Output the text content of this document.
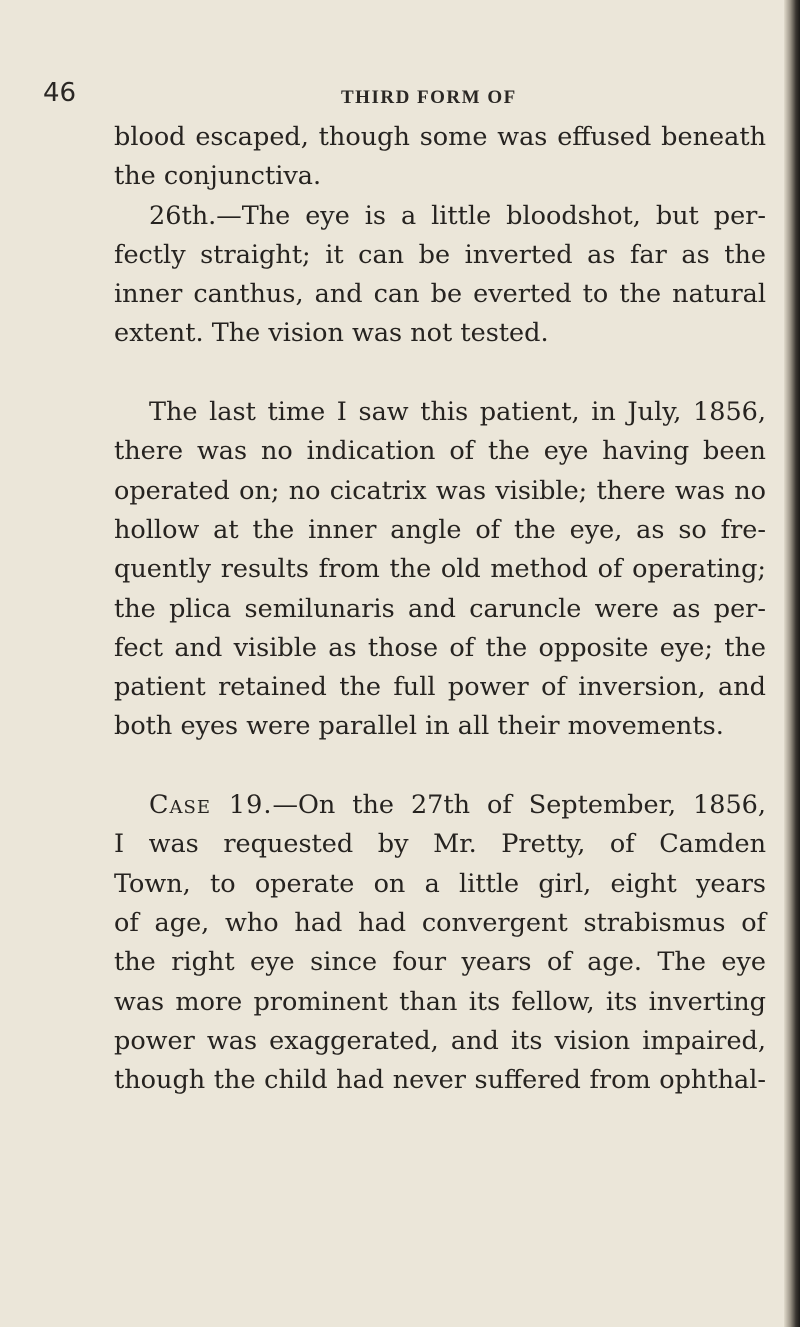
46	THIRD FORM OF
blood escaped, though some was effused beneath
the conjunctiva.
26th.—The eye is a little bloodshot, but per-
fectly straight; it can be inverted as far as the
inner canthus, and can be everted to the natural
extent. The vision was not tested.
The last time I saw this patient, in July, 1856,
there was no indication of the eye having been
operated on; no cicatrix was visible; there was no
hollow at the inner angle of the eye, as so fre-
quently results from the old method of operating;
the plica semilunaris and caruncle were as per-
fect and visible as those of the opposite eye; the
patient retained the full power of inversion, and
both eyes were parallel in all their movements.
Case 19.—On the 27th of September, 1856,
I was requested by Mr. Pretty, of Camden
Town, to operate on a little girl, eight years
of age, who had had convergent strabismus of
the right eye since four years of age. The eye
was more prominent than its fellow, its inverting
power was exaggerated, and its vision impaired,
though the child had never suffered from ophthal-
